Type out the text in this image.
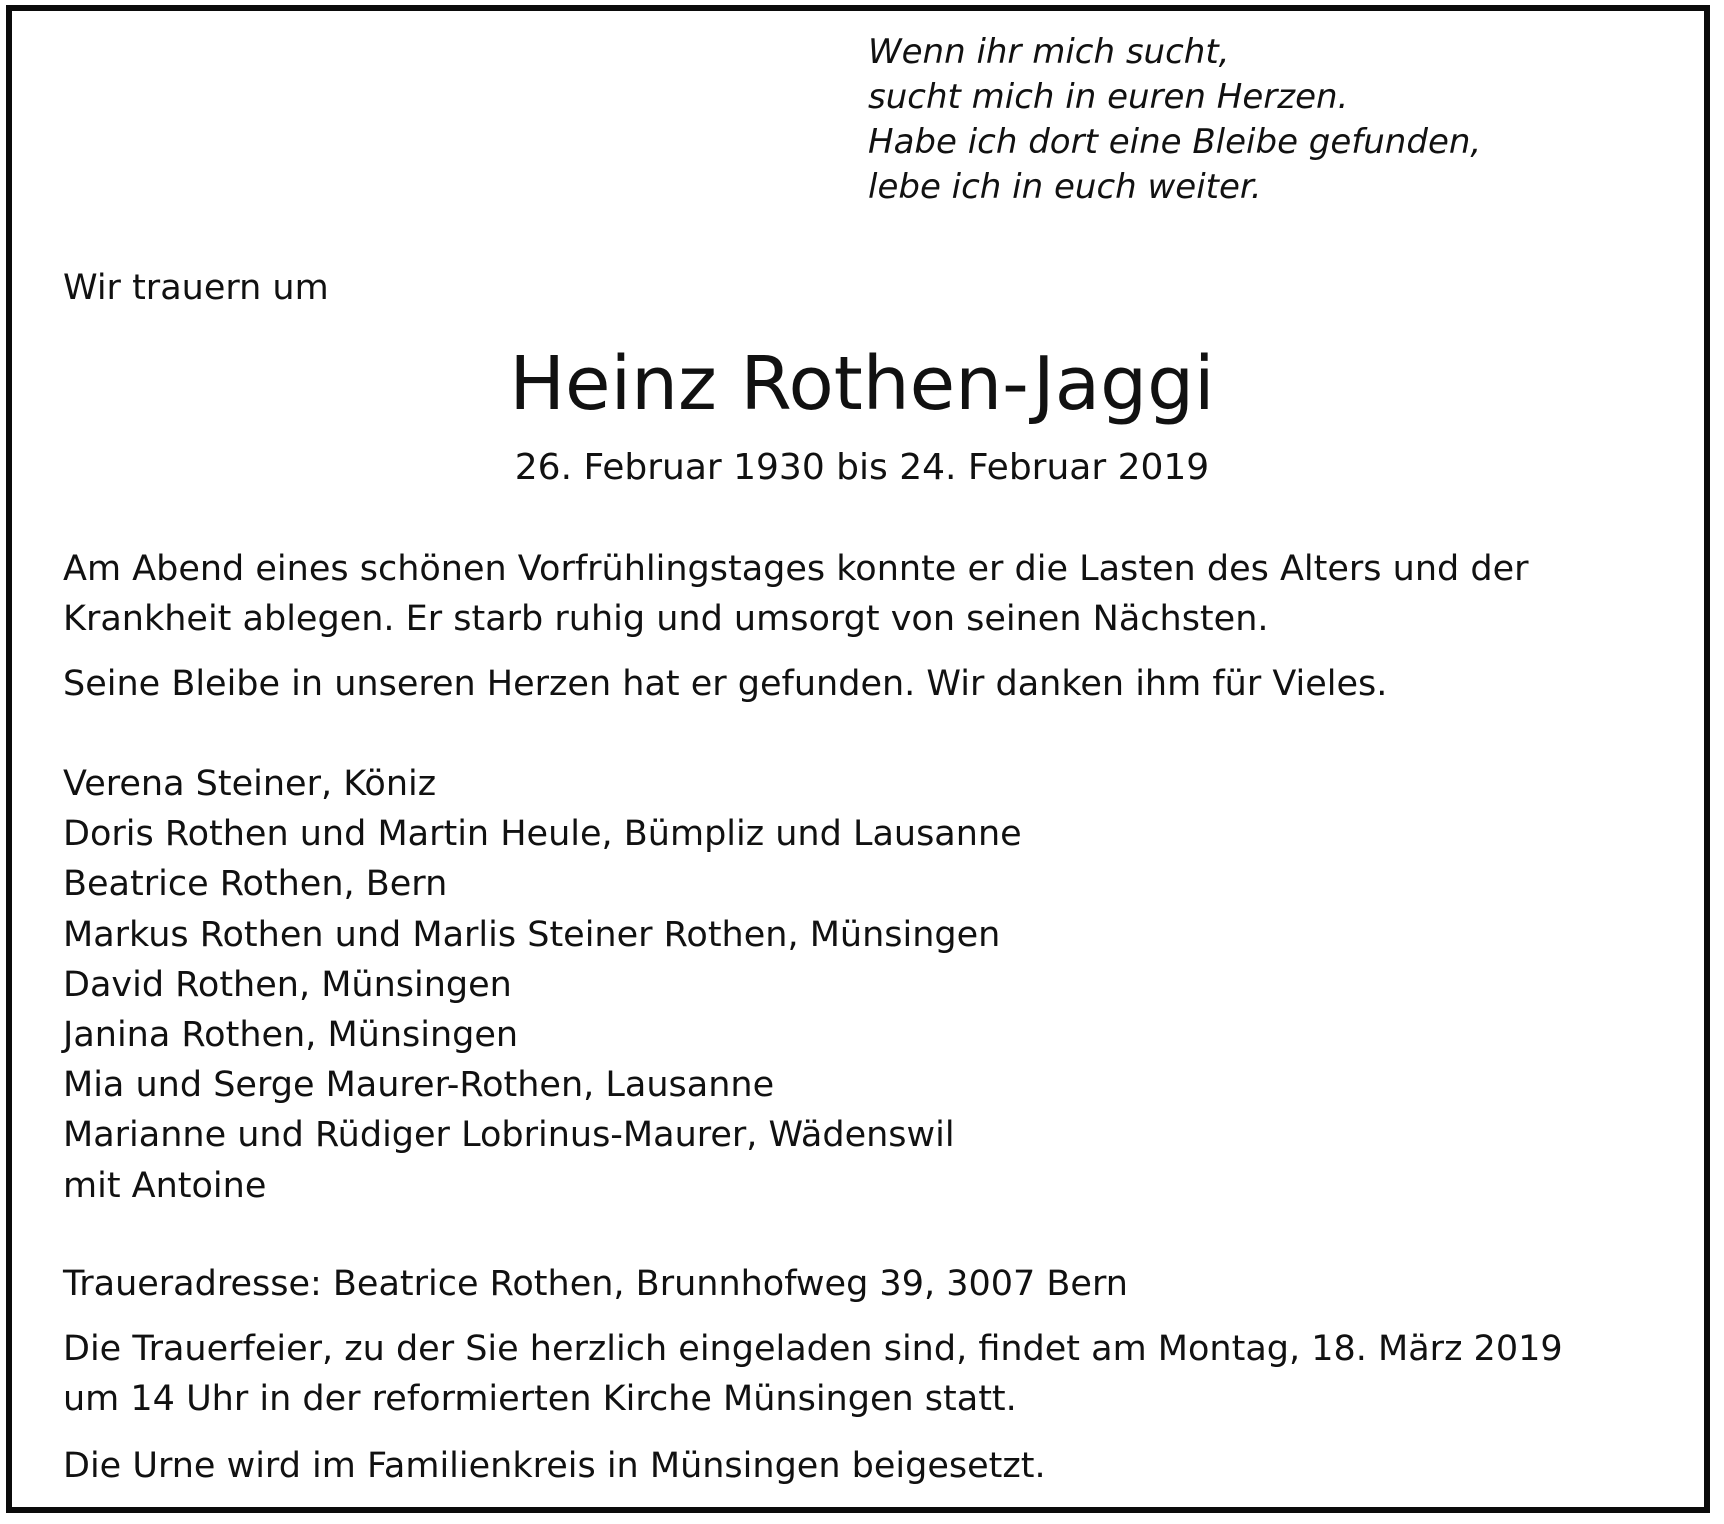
Wenn ihr mich sucht,
sucht mich in euren Herzen.
Habe ich dort eine Bleibe gefunden,
lebe ich in euch weiter.
Wir trauern um
Heinz Rothen-Jaggi
26. Februar 1930 bis 24. Februar 2019
Am Abend eines schönen Vorfrühlingstages konnte er die Lasten des Alters und der
Krankheit ablegen. Er starb ruhig und umsorgt von seinen Nächsten.
Seine Bleibe in unseren Herzen hat er gefunden. Wir danken ihm für Vieles.
Verena Steiner, Köniz
Doris Rothen und Martin Heule, Bümpliz und Lausanne
Beatrice Rothen, Bern
Markus Rothen und Marlis Steiner Rothen, Münsingen
David Rothen, Münsingen
Janina Rothen, Münsingen
Mia und Serge Maurer-Rothen, Lausanne
Marianne und Rüdiger Lobrinus-Maurer, Wädenswil
mit Antoine
Traueradresse: Beatrice Rothen, Brunnhofweg 39, 3007 Bern
Die Trauerfeier, zu der Sie herzlich eingeladen sind, findet am Montag, 18. März 2019
um 14 Uhr in der reformierten Kirche Münsingen statt.
Die Urne wird im Familienkreis in Münsingen beigesetzt.
